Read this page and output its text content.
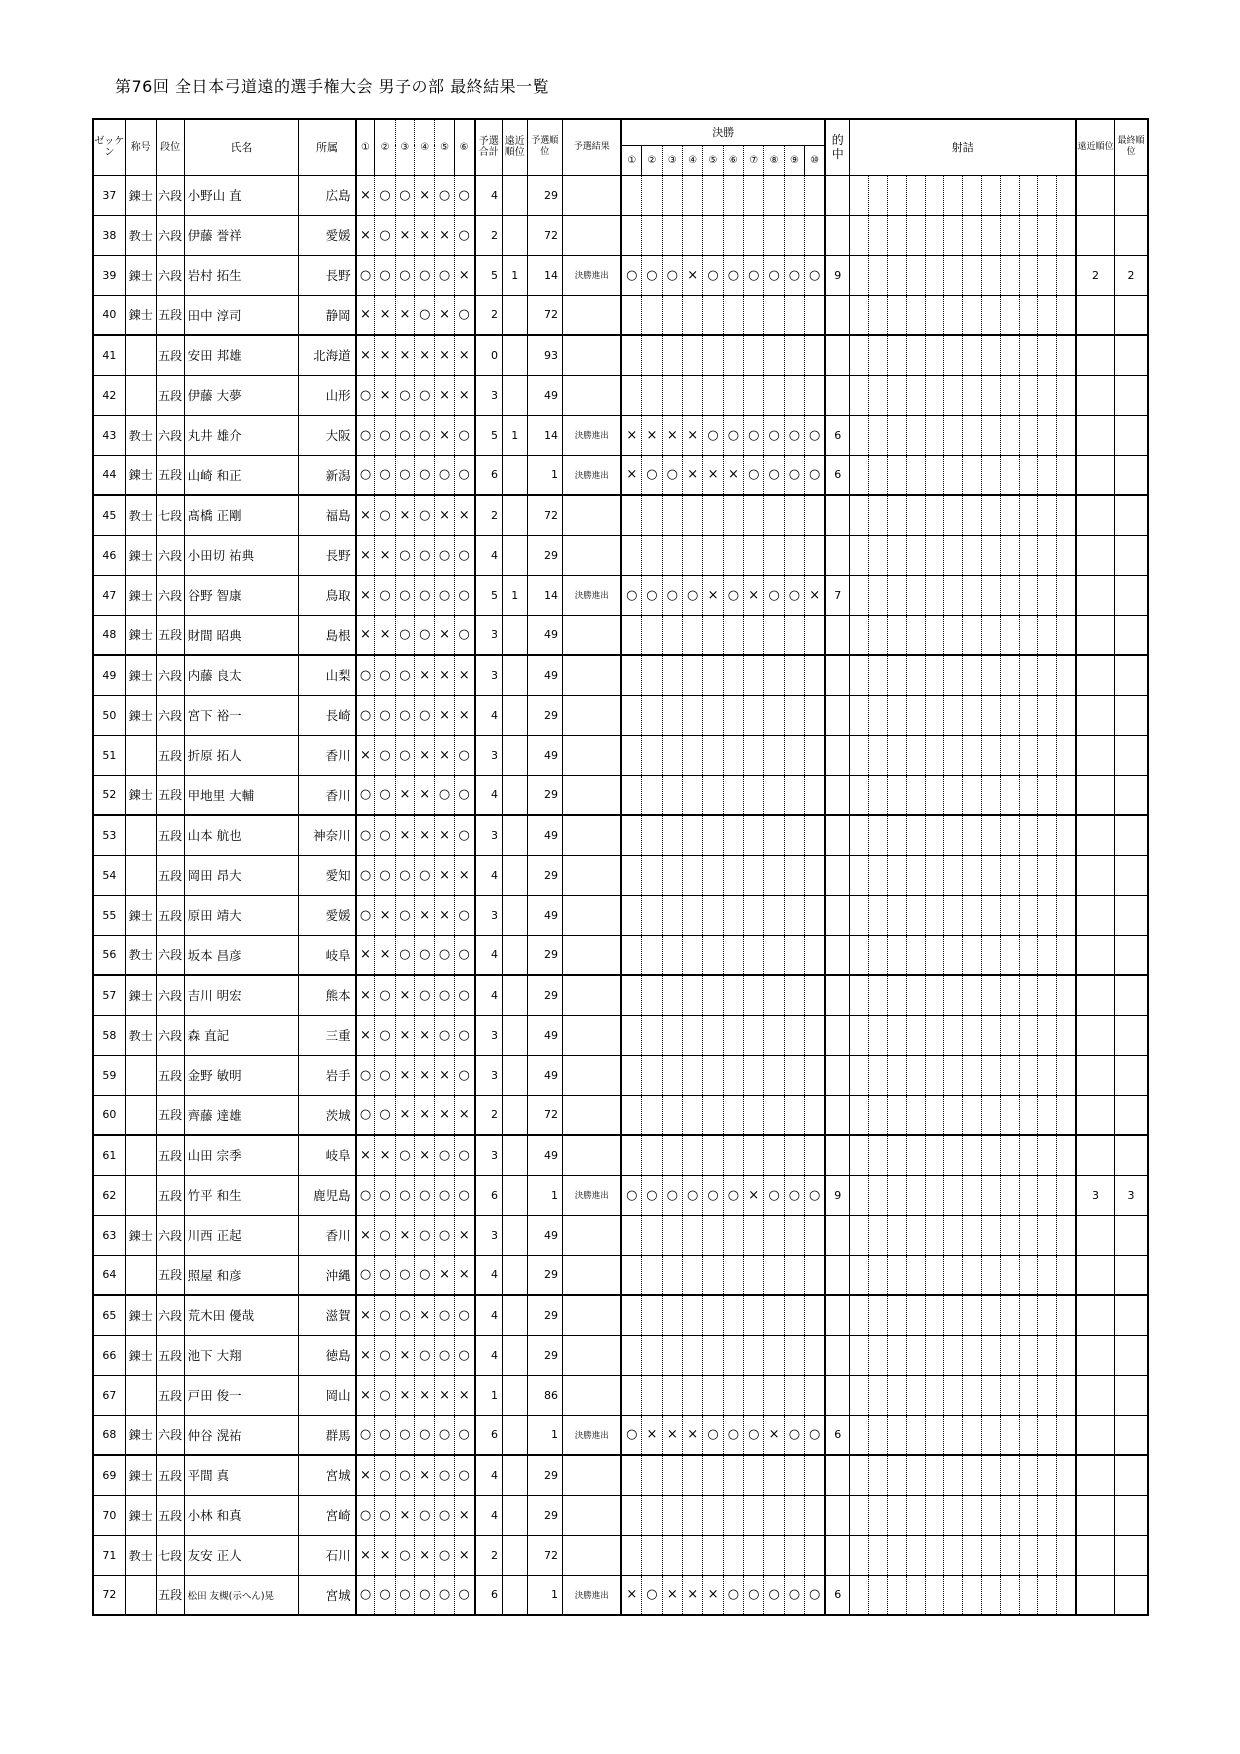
第76回 全日本弓道遠的選手権大会 男子の部 最終結果一覧
ゼッケン	称号	段位	氏名	所属	①	②	③	④	⑤	⑥	予選合計	遠近順位	予選順位	予選結果	決勝										的中	射詰	遠近順位	最終順位
															①	②	③	④	⑤	⑥	⑦	⑧	⑨	⑩				
37	錬士	六段	小野山 直	広島	×	○	○	×	○	○	4		29													

38	教士	六段	伊藤 誉祥	愛媛	×	○	×	×	×	○	2		72													

39	錬士	六段	岩村 拓生	長野	○	○	○	○	○	×	5	1	14	決勝進出	○	○	○	×	○	○	○	○	○	○	9		2	2
40	錬士	五段	田中 淳司	静岡	×	×	×	○	×	○	2		72													

41		五段	安田 邦雄	北海道	×	×	×	×	×	×	0		93													

42		五段	伊藤 大夢	山形	○	×	○	○	×	×	3		49													

43	教士	六段	丸井 雄介	大阪	○	○	○	○	×	○	5	1	14	決勝進出	×	×	×	×	○	○	○	○	○	○	6	

44	錬士	五段	山崎 和正	新潟	○	○	○	○	○	○	6		1	決勝進出	×	○	○	×	×	×	○	○	○	○	6	

45	教士	七段	髙橋 正剛	福島	×	○	×	○	×	×	2		72													

46	錬士	六段	小田切 祐典	長野	×	×	○	○	○	○	4		29													

47	錬士	六段	谷野 智康	鳥取	×	○	○	○	○	○	5	1	14	決勝進出	○	○	○	○	×	○	×	○	○	×	7	

48	錬士	五段	財間 昭典	島根	×	×	○	○	×	○	3		49													

49	錬士	六段	内藤 良太	山梨	○	○	○	×	×	×	3		49													

50	錬士	六段	宮下 裕一	長崎	○	○	○	○	×	×	4		29													

51		五段	折原 拓人	香川	×	○	○	×	×	○	3		49													

52	錬士	五段	甲地里 大輔	香川	○	○	×	×	○	○	4		29													

53		五段	山本 航也	神奈川	○	○	×	×	×	○	3		49													

54		五段	岡田 昂大	愛知	○	○	○	○	×	×	4		29													

55	錬士	五段	原田 靖大	愛媛	○	×	○	×	×	○	3		49													

56	教士	六段	坂本 昌彦	岐阜	×	×	○	○	○	○	4		29													

57	錬士	六段	吉川 明宏	熊本	×	○	×	○	○	○	4		29													

58	教士	六段	森 直記	三重	×	○	×	×	○	○	3		49													

59		五段	金野 敏明	岩手	○	○	×	×	×	○	3		49													

60		五段	齊藤 達雄	茨城	○	○	×	×	×	×	2		72													

61		五段	山田 宗季	岐阜	×	×	○	×	○	○	3		49													

62		五段	竹平 和生	鹿児島	○	○	○	○	○	○	6		1	決勝進出	○	○	○	○	○	○	×	○	○	○	9		3	3
63	錬士	六段	川西 正起	香川	×	○	×	○	○	×	3		49													

64		五段	照屋 和彦	沖縄	○	○	○	○	×	×	4		29													

65	錬士	六段	荒木田 優哉	滋賀	×	○	○	×	○	○	4		29													

66	錬士	五段	池下 大翔	徳島	×	○	×	○	○	○	4		29													

67		五段	戸田 俊一	岡山	×	○	×	×	×	×	1		86													

68	錬士	六段	仲谷 滉祐	群馬	○	○	○	○	○	○	6		1	決勝進出	○	×	×	×	○	○	○	×	○	○	6	

69	錬士	五段	平間 真	宮城	×	○	○	×	○	○	4		29													

70	錬士	五段	小林 和真	宮崎	○	○	×	○	○	×	4		29													

71	教士	七段	友安 正人	石川	×	×	○	×	○	×	2		72													

72		五段	松田 友槻(示へん)晃	宮城	○	○	○	○	○	○	6		1	決勝進出	×	○	×	×	×	○	○	○	○	○	6	
